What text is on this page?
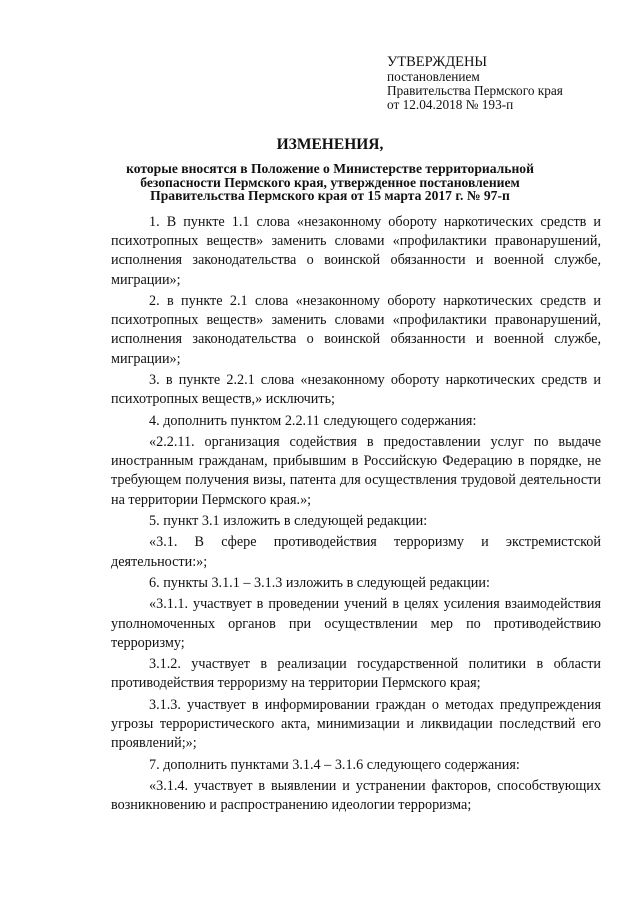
УТВЕРЖДЕНЫ
постановлением
Правительства Пермского края
от 12.04.2018 № 193-п
ИЗМЕНЕНИЯ,
которые вносятся в Положение о Министерстве территориальной
безопасности Пермского края, утвержденное постановлением
Правительства Пермского края от 15 марта 2017 г. № 97-п

1. В пункте 1.1 слова «незаконному обороту наркотических средств и психотропных веществ» заменить словами «профилактики правонарушений, исполнения законодательства о воинской обязанности и военной службе, миграции»;

2. в пункте 2.1 слова «незаконному обороту наркотических средств и психотропных веществ» заменить словами «профилактики правонарушений, исполнения законодательства о воинской обязанности и военной службе, миграции»;

3. в пункте 2.2.1 слова «незаконному обороту наркотических средств и психотропных веществ,» исключить;

4. дополнить пунктом 2.2.11 следующего содержания:

«2.2.11. организация содействия в предоставлении услуг по выдаче иностранным гражданам, прибывшим в Российскую Федерацию в порядке, не требующем получения визы, патента для осуществления трудовой деятельности на территории Пермского края.»;

5. пункт 3.1 изложить в следующей редакции:

«3.1. В сфере противодействия терроризму и экстремистской деятельности:»;

6. пункты 3.1.1 – 3.1.3 изложить в следующей редакции:

«3.1.1. участвует в проведении учений в целях усиления взаимодействия уполномоченных органов при осуществлении мер по противодействию терроризму;

3.1.2. участвует в реализации государственной политики в области противодействия терроризму на территории Пермского края;

3.1.3. участвует в информировании граждан о методах предупреждения угрозы террористического акта, минимизации и ликвидации последствий его проявлений;»;

7. дополнить пунктами 3.1.4 – 3.1.6 следующего содержания:

«3.1.4. участвует в выявлении и устранении факторов, способствующих возникновению и распространению идеологии терроризма;
